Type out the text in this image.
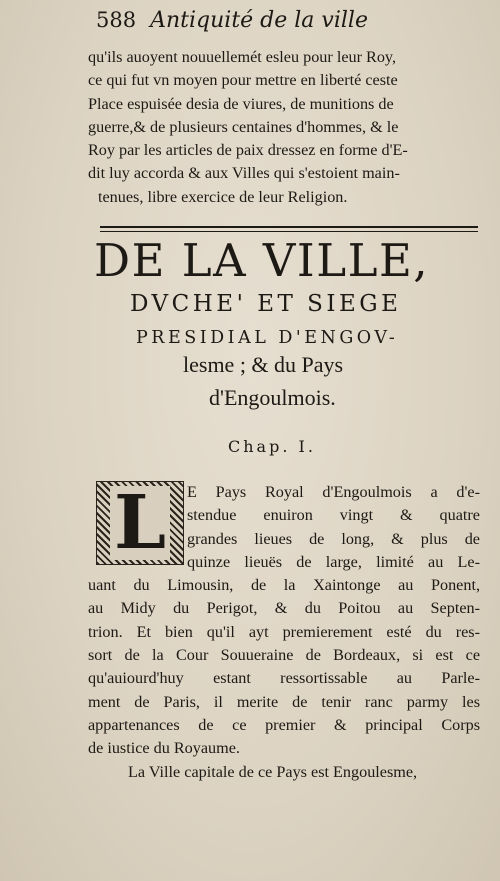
588 Antiquité de la ville
qu'ils auoyent nouuellemét esleu pour leur Roy,
ce qui fut vn moyen pour mettre en liberté ceste
Place espuisée desia de viures, de munitions de
guerre,& de plusieurs centaines d'hommes, & le
Roy par les articles de paix dressez en forme d'E-
dit luy accorda & aux Villes qui s'estoient main-
tenues, libre exercice de leur Religion.
DE LA VILLE,
DVCHE' ET SIEGE
PRESIDIAL D'ENGOV-
lesme ; & du Pays
d'Engoulmois.
Chap. I.
E Pays Royal d'Engoulmois a d'e-
stendue enuiron vingt & quatre
grandes lieues de long, & plus de
quinze lieuës de large, limité au Le-
uant du Limousin, de la Xaintonge au Ponent,
au Midy du Perigot, & du Poitou au Septen-
trion. Et bien qu'il ayt premierement esté du res-
sort de la Cour Souueraine de Bordeaux, si est ce
qu'auiourd'huy estant ressortissable au Parle-
ment de Paris, il merite de tenir ranc parmy les
appartenances de ce premier & principal Corps
de iustice du Royaume.
La Ville capitale de ce Pays est Engoulesme,
L
